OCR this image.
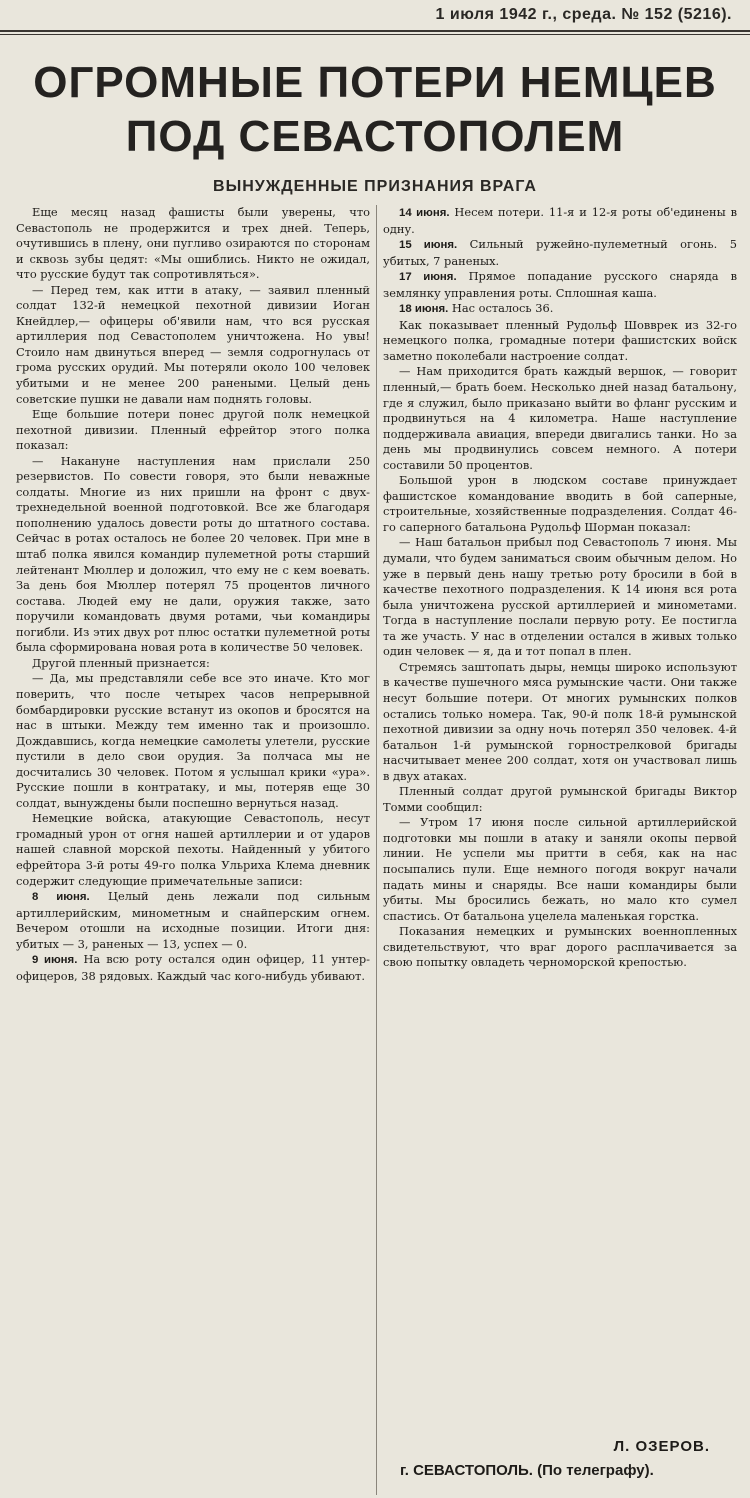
1 июля 1942 г., среда. № 152 (5216).
ОГРОМНЫЕ ПОТЕРИ НЕМЦЕВ
ПОД СЕВАСТОПОЛЕМ
ВЫНУЖДЕННЫЕ ПРИЗНАНИЯ ВРАГА

Еще месяц назад фашисты были уверены, что Севастополь не продержится и трех дней. Теперь, очутившись в плену, они пугливо озираются по сторонам и сквозь зубы цедят: «Мы ошиблись. Никто не ожидал, что русские будут так сопротивляться».

— Перед тем, как итти в атаку, — заявил пленный солдат 132-й немецкой пехотной дивизии Иоган Кнейдлер,— офицеры об'явили нам, что вся русская артиллерия под Севастополем уничтожена. Но увы! Стоило нам двинуться вперед — земля содрогнулась от грома русских орудий. Мы потеряли около 100 человек убитыми и не менее 200 ранеными. Целый день советские пушки не давали нам поднять головы.

Еще большие потери понес другой полк немецкой пехотной дивизии. Пленный ефрейтор этого полка показал:

— Накануне наступления нам прислали 250 резервистов. По совести говоря, это были неважные солдаты. Многие из них пришли на фронт с двух-трехнедельной военной подготовкой. Все же благодаря пополнению удалось довести роты до штатного состава. Сейчас в ротах осталось не более 20 человек. При мне в штаб полка явился командир пулеметной роты старший лейтенант Мюллер и доложил, что ему не с кем воевать. За день боя Мюллер потерял 75 процентов личного состава. Людей ему не дали, оружия также, зато поручили командовать двумя ротами, чьи командиры погибли. Из этих двух рот плюс остатки пулеметной роты была сформирована новая рота в количестве 50 человек.

Другой пленный признается:

— Да, мы представляли себе все это иначе. Кто мог поверить, что после четырех часов непрерывной бомбардировки русские встанут из окопов и бросятся на нас в штыки. Между тем именно так и произошло. Дождавшись, когда немецкие самолеты улетели, русские пустили в дело свои орудия. За полчаса мы не досчитались 30 человек. Потом я услышал крики «ура». Русские пошли в контратаку, и мы, потеряв еще 30 солдат, вынуждены были поспешно вернуться назад.

Немецкие войска, атакующие Севастополь, несут громадный урон от огня нашей артиллерии и от ударов нашей славной морской пехоты. Найденный у убитого ефрейтора 3-й роты 49-го полка Ульриха Клема дневник содержит следующие примечательные записи:

8 июня. Целый день лежали под сильным артиллерийским, минометным и снайперским огнем. Вечером отошли на исходные позиции. Итоги дня: убитых — 3, раненых — 13, успех — 0.

9 июня. На всю роту остался один офицер, 11 унтер-офицеров, 38 рядовых. Каждый час кого-нибудь убивают.

14 июня. Несем потери. 11-я и 12-я роты об'единены в одну.

15 июня. Сильный ружейно-пулеметный огонь. 5 убитых, 7 раненых.

17 июня. Прямое попадание русского снаряда в землянку управления роты. Сплошная каша.

18 июня. Нас осталось 36.

Как показывает пленный Рудольф Шовврек из 32-го немецкого полка, громадные потери фашистских войск заметно поколебали настроение солдат.

— Нам приходится брать каждый вершок, — говорит пленный,— брать боем. Несколько дней назад батальону, где я служил, было приказано выйти во фланг русским и продвинуться на 4 километра. Наше наступление поддерживала авиация, впереди двигались танки. Но за день мы продвинулись совсем немного. А потери составили 50 процентов.

Большой урон в людском составе принуждает фашистское командование вводить в бой саперные, строительные, хозяйственные подразделения. Солдат 46-го саперного батальона Рудольф Шорман показал:

— Наш батальон прибыл под Севастополь 7 июня. Мы думали, что будем заниматься своим обычным делом. Но уже в первый день нашу третью роту бросили в бой в качестве пехотного подразделения. К 14 июня вся рота была уничтожена русской артиллерией и минометами. Тогда в наступление послали первую роту. Ее постигла та же участь. У нас в отделении остался в живых только один человек — я, да и тот попал в плен.

Стремясь заштопать дыры, немцы широко используют в качестве пушечного мяса румынские части. Они также несут большие потери. От многих румынских полков остались только номера. Так, 90-й полк 18-й румынской пехотной дивизии за одну ночь потерял 350 человек. 4-й батальон 1-й румынской горнострелковой бригады насчитывает менее 200 солдат, хотя он участвовал лишь в двух атаках.

Пленный солдат другой румынской бригады Виктор Томми сообщил:

— Утром 17 июня после сильной артиллерийской подготовки мы пошли в атаку и заняли окопы первой линии. Не успели мы притти в себя, как на нас посыпались пули. Еще немного погодя вокруг начали падать мины и снаряды. Все наши командиры были убиты. Мы бросились бежать, но мало кто сумел спастись. От батальона уцелела маленькая горстка.

Показания немецких и румынских военнопленных свидетельствуют, что враг дорого расплачивается за свою попытку овладеть черноморской крепостью.

Л. ОЗЕРОВ.
г. СЕВАСТОПОЛЬ. (По телеграфу).
